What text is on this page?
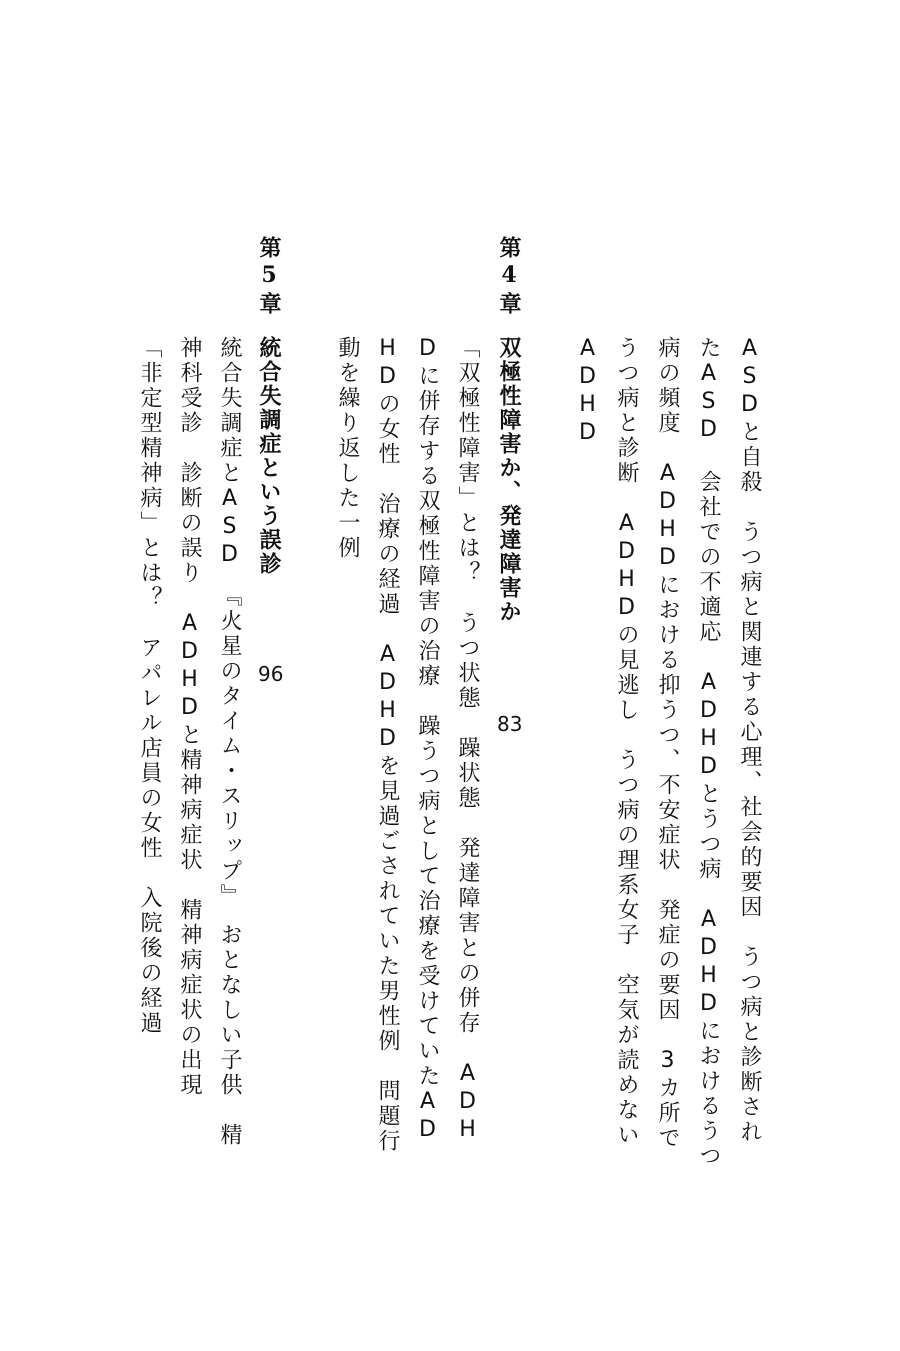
ASDと自殺　うつ病と関連する心理、社会的要因　うつ病と診断され
たASD　会社での不適応　ADHDとうつ病　ADHDにおけるうつ
病の頻度　ADHDにおける抑うつ、不安症状　発症の要因　3カ所で
うつ病と診断　ADHDの見逃し　うつ病の理系女子　空気が読めない
ADHD
第4章
双極性障害か、発達障害か
83
「双極性障害」とは？　うつ状態　躁状態　発達障害との併存　ADH
Dに併存する双極性障害の治療　躁うつ病として治療を受けていたAD
HDの女性　治療の経過　ADHDを見過ごされていた男性例　問題行
動を繰り返した一例
第5章
統合失調症という誤診
96
統合失調症とASD　『火星のタイム・スリップ』　おとなしい子供　精
神科受診　診断の誤り　ADHDと精神病症状　精神病症状の出現
「非定型精神病」とは？　アパレル店員の女性　入院後の経過
